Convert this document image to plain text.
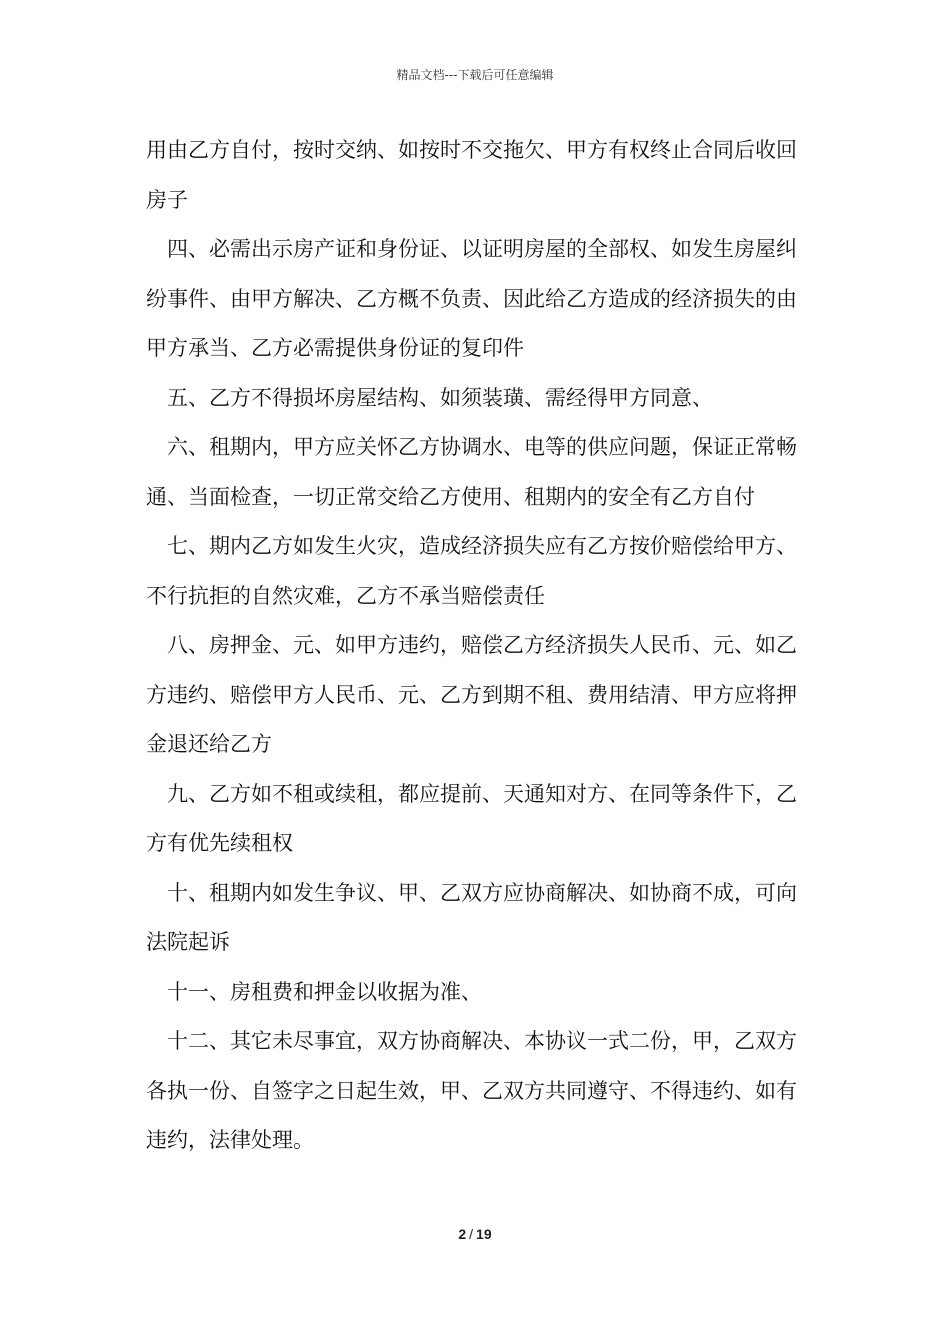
精品文档---下载后可任意编辑

用由乙方自付，按时交纳、如按时不交拖欠、甲方有权终止合同后收回房子

四、必需出示房产证和身份证、以证明房屋的全部权、如发生房屋纠纷事件、由甲方解决、乙方概不负责、因此给乙方造成的经济损失的由甲方承当、乙方必需提供身份证的复印件

五、乙方不得损坏房屋结构、如须装璜、需经得甲方同意、

六、租期内，甲方应关怀乙方协调水、电等的供应问题，保证正常畅通、当面检查，一切正常交给乙方使用、租期内的安全有乙方自付

七、期内乙方如发生火灾，造成经济损失应有乙方按价赔偿给甲方、不行抗拒的自然灾难，乙方不承当赔偿责任

八、房押金、元、如甲方违约，赔偿乙方经济损失人民币、元、如乙方违约、赔偿甲方人民币、元、乙方到期不租、费用结清、甲方应将押金退还给乙方

九、乙方如不租或续租，都应提前、天通知对方、在同等条件下，乙方有优先续租权

十、租期内如发生争议、甲、乙双方应协商解决、如协商不成，可向法院起诉

十一、房租费和押金以收据为准、

十二、其它未尽事宜，双方协商解决、本协议一式二份，甲，乙双方各执一份、自签字之日起生效，甲、乙双方共同遵守、不得违约、如有违约，法律处理。

2 / 19
